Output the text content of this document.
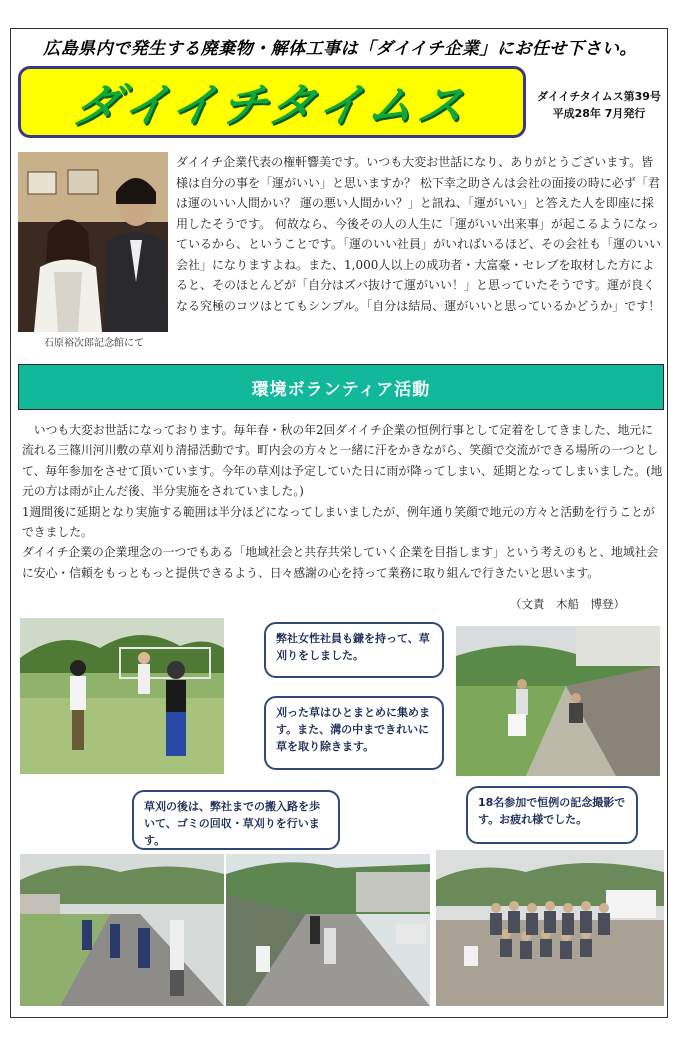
広島県内で発生する廃棄物・解体工事は「ダイイチ企業」にお任せ下さい。
ダイイチタイムス	ダイイチタイムス第39号
平成28年 7月発行
石原裕次郎記念館にて
ダイイチ企業代表の権軒響美です。いつも大変お世話になり、ありがとうございます。皆様は自分の事を「運がいい」と思いますか？ 松下幸之助さんは会社の面接の時に必ず「君は運のいい人間かい？ 運の悪い人間かい？」と訊ね、「運がいい」と答えた人を即座に採用したそうです。 何故なら、今後その人の人生に「運がいい出来事」が起こるようになっているから、ということです。「運のいい社員」がいればいるほど、その会社も「運のいい会社」になりますよね。また、1,000人以上の成功者・大富豪・セレブを取材した方によると、そのほとんどが「自分はズバ抜けて運がいい！」と思っていたそうです。運が良くなる究極のコツはとてもシンプル。「自分は結局、運がいいと思っているかどうか」です！
環境ボランティア活動

　いつも大変お世話になっております。毎年春・秋の年2回ダイイチ企業の恒例行事として定着をしてきました、地元に流れる三篠川河川敷の草刈り清掃活動です。町内会の方々と一緒に汗をかきながら、笑顔で交流ができる場所の一つとして、毎年参加をさせて頂いています。今年の草刈は予定していた日に雨が降ってしまい、延期となってしまいました。(地元の方は雨が止んだ後、半分実施をされていました。)

1週間後に延期となり実施する範囲は半分ほどになってしまいましたが、例年通り笑顔で地元の方々と活動を行うことができました。

ダイイチ企業の企業理念の一つでもある「地域社会と共存共栄していく企業を目指します」という考えのもと、地域社会に安心・信頼をもっともっと提供できるよう、日々感謝の心を持って業務に取り組んで行きたいと思います。

（文責　木船　博登）
弊社女性社員も鎌を持って、草刈りをしました。
刈った草はひとまとめに集めます。また、溝の中まできれいに草を取り除きます。
草刈の後は、弊社までの搬入路を歩いて、ゴミの回収・草刈りを行います。
18名参加で恒例の記念撮影です。お疲れ様でした。
